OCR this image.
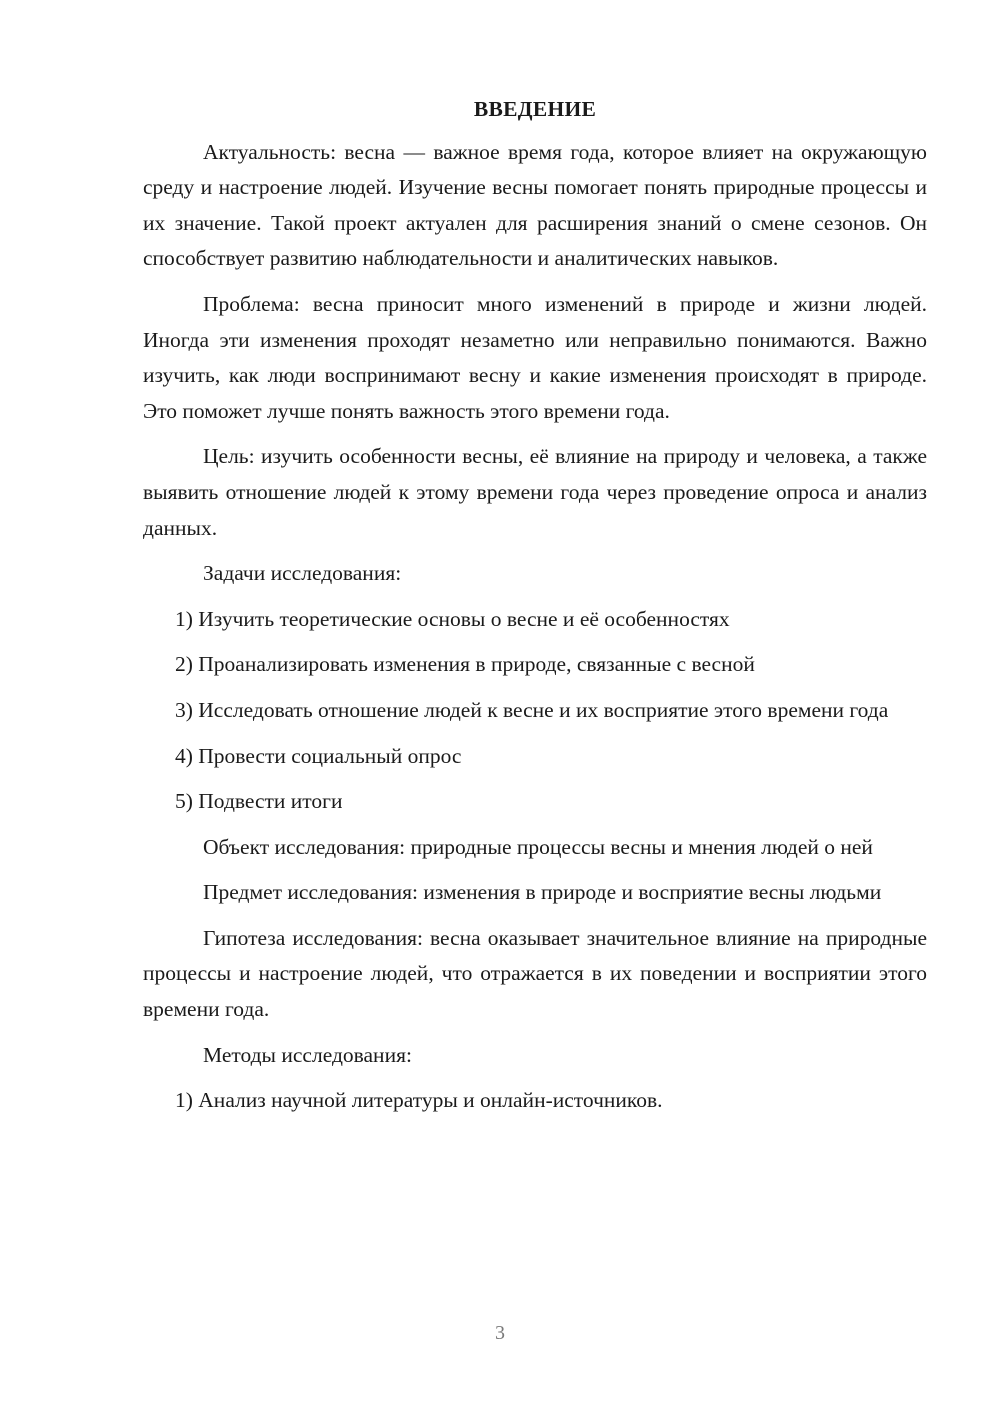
ВВЕДЕНИЕ

Актуальность: весна — важное время года, которое влияет на окружающую среду и настроение людей. Изучение весны помогает понять природные процессы и их значение. Такой проект актуален для расширения знаний о смене сезонов. Он способствует развитию наблюдательности и аналитических навыков.

Проблема: весна приносит много изменений в природе и жизни людей. Иногда эти изменения проходят незаметно или неправильно понимаются. Важно изучить, как люди воспринимают весну и какие изменения происходят в природе. Это поможет лучше понять важность этого времени года.

Цель: изучить особенности весны, её влияние на природу и человека, а также выявить отношение людей к этому времени года через проведение опроса и анализ данных.

Задачи исследования:

1) Изучить теоретические основы о весне и её особенностях

2) Проанализировать изменения в природе, связанные с весной

3) Исследовать отношение людей к весне и их восприятие этого времени года

4) Провести социальный опрос

5) Подвести итоги

Объект исследования: природные процессы весны и мнения людей о ней

Предмет исследования: изменения в природе и восприятие весны людьми

Гипотеза исследования: весна оказывает значительное влияние на природные процессы и настроение людей, что отражается в их поведении и восприятии этого времени года.

Методы исследования:

1) Анализ научной литературы и онлайн-источников.

3
